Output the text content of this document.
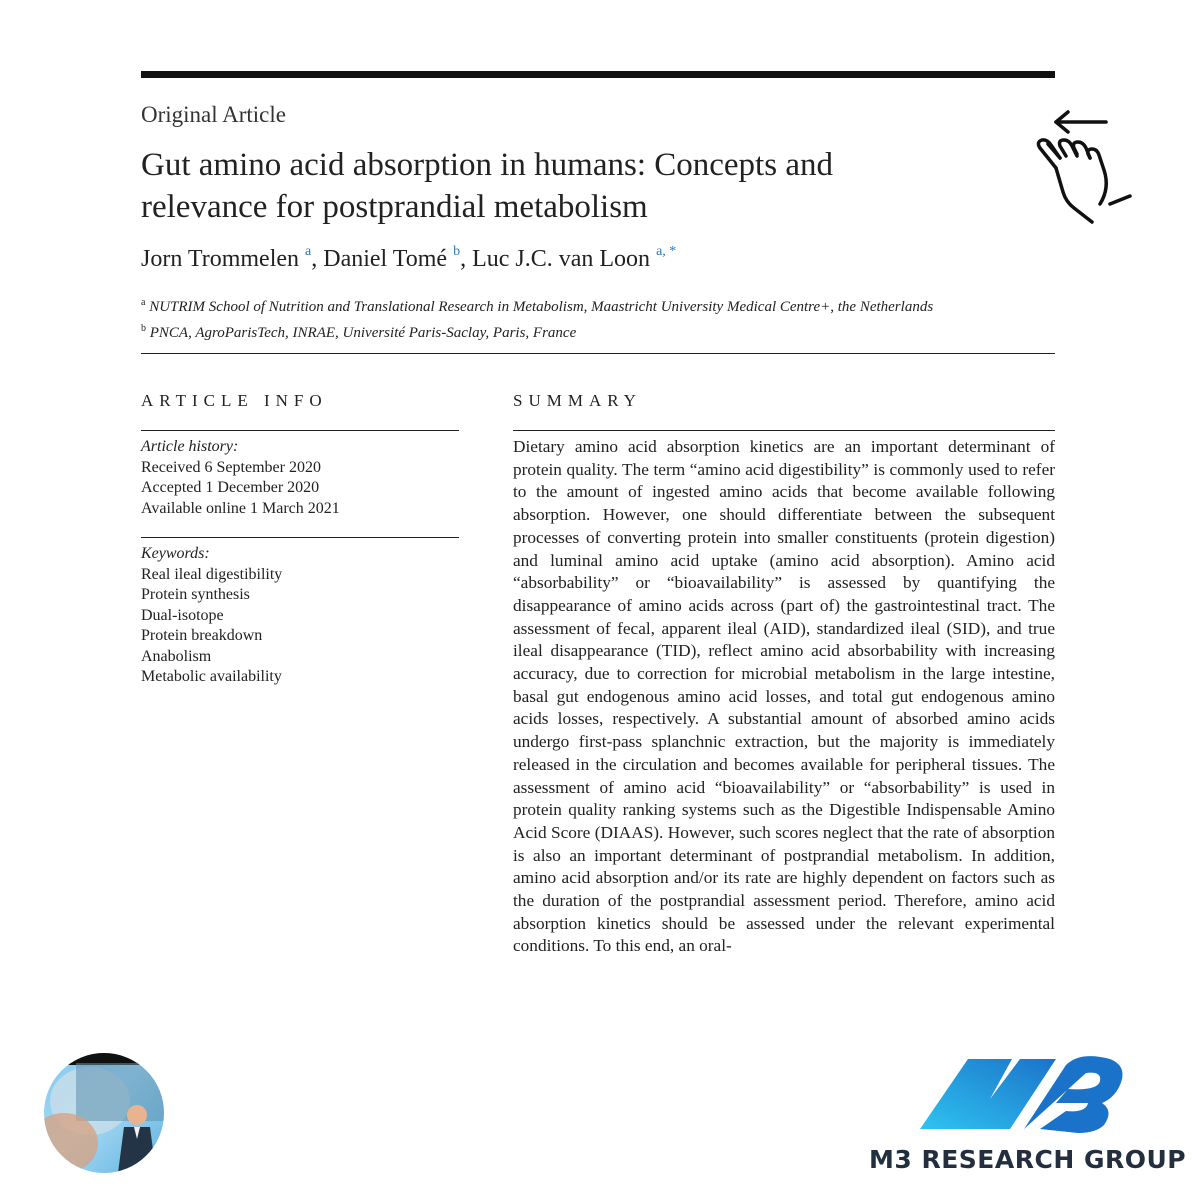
Original Article
Gut amino acid absorption in humans: Concepts and
relevance for postprandial metabolism
Jorn Trommelen $^a$, Daniel Tomé $^b$, Luc J.C. van Loon $^{a, *}$
$^a$ NUTRIM School of Nutrition and Translational Research in Metabolism, Maastricht University Medical Centre+, the Netherlands
$^b$ PNCA, AgroParisTech, INRAE, Université Paris-Saclay, Paris, France
ARTICLE INFO
Article history:
Received 6 September 2020
Accepted 1 December 2020
Available online 1 March 2021
Keywords:
Real ileal digestibility
Protein synthesis
Dual-isotope
Protein breakdown
Anabolism
Metabolic availability
SUMMARY

Dietary amino acid absorption kinetics are an important determinant of protein quality. The term “amino acid digestibility” is commonly used to refer to the amount of ingested amino acids that become available following absorption. However, one should differentiate between the subsequent processes of converting protein into smaller constituents (protein digestion) and luminal amino acid uptake (amino acid absorption). Amino acid “absorbability” or “bioavailability” is assessed by quantifying the disappearance of amino acids across (part of) the gastrointestinal tract. The assessment of fecal, apparent ileal (AID), standardized ileal (SID), and true ileal disappearance (TID), reflect amino acid absorbability with increasing accuracy, due to correction for microbial metabolism in the large intestine, basal gut endogenous amino acid losses, and total gut endogenous amino acids losses, respectively. A substantial amount of absorbed amino acids undergo first-pass splanchnic extraction, but the majority is immediately released in the circulation and becomes available for peripheral tissues. The assessment of amino acid “bioavailability” or “absorbability” is used in protein quality ranking systems such as the Digestible Indispensable Amino Acid Score (DIAAS). However, such scores neglect that the rate of absorption is also an important determinant of postprandial metabolism. In addition, amino acid absorption and/or its rate are highly dependent on factors such as the duration of the postprandial assessment period. Therefore, amino acid absorption kinetics should be assessed under the relevant experimental conditions. To this end, an oral-

M3 RESEARCH GROUP
